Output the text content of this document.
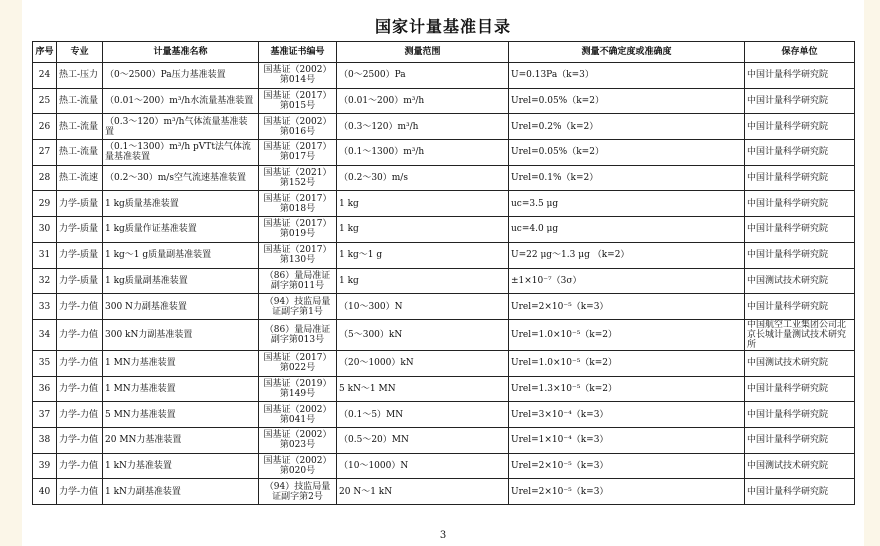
国家计量基准目录
序号	专业	计量基准名称	基准证书编号	测量范围	测量不确定度或准确度	保存单位
24	热工-压力	（0～2500）Pa压力基准装置	国基证（2002）第014号	（0～2500）Pa	U=0.13Pa（k=3）	中国计量科学研究院
25	热工-流量	（0.01～200）m³/h水流量基准装置	国基证（2017）第015号	（0.01～200）m³/h	Urel=0.05%（k=2）	中国计量科学研究院
26	热工-流量	（0.3～120）m³/h气体流量基准装置	国基证（2002）第016号	（0.3～120）m³/h	Urel=0.2%（k=2）	中国计量科学研究院
27	热工-流量	（0.1～1300）m³/h pVTt法气体流量基准装置	国基证（2017）第017号	（0.1～1300）m³/h	Urel=0.05%（k=2）	中国计量科学研究院
28	热工-流速	（0.2～30）m/s空气流速基准装置	国基证（2021）第152号	（0.2～30）m/s	Urel=0.1%（k=2）	中国计量科学研究院
29	力学-质量	1 kg质量基准装置	国基证（2017）第018号	1 kg	uc=3.5 μg	中国计量科学研究院
30	力学-质量	1 kg质量作证基准装置	国基证（2017）第019号	1 kg	uc=4.0 μg	中国计量科学研究院
31	力学-质量	1 kg～1 g质量副基准装置	国基证（2017）第130号	1 kg～1 g	U=22 μg～1.3 μg （k=2）	中国计量科学研究院
32	力学-质量	1 kg质量副基准装置	（86）量局准证副字第011号	1 kg	±1×10⁻⁷（3σ）	中国测试技术研究院
33	力学-力值	300 N力副基准装置	（94）技监局量证副字第1号	（10～300）N	Urel=2×10⁻⁵（k=3）	中国计量科学研究院
34	力学-力值	300 kN力副基准装置	（86）量局准证副字第013号	（5～300）kN	Urel=1.0×10⁻⁵（k=2）	中国航空工业集团公司北京长城计量测试技术研究所
35	力学-力值	1 MN力基准装置	国基证（2017）第022号	（20～1000）kN	Urel=1.0×10⁻⁵（k=2）	中国测试技术研究院
36	力学-力值	1 MN力基准装置	国基证（2019）第149号	5 kN～1 MN	Urel=1.3×10⁻⁵（k=2）	中国计量科学研究院
37	力学-力值	5 MN力基准装置	国基证（2002）第041号	（0.1～5）MN	Urel=3×10⁻⁴（k=3）	中国计量科学研究院
38	力学-力值	20 MN力基准装置	国基证（2002）第023号	（0.5～20）MN	Urel=1×10⁻⁴（k=3）	中国计量科学研究院
39	力学-力值	1 kN力基准装置	国基证（2002）第020号	（10～1000）N	Urel=2×10⁻⁵（k=3）	中国测试技术研究院
40	力学-力值	1 kN力副基准装置	（94）技监局量证副字第2号	20 N～1 kN	Urel=2×10⁻⁵（k=3）	中国计量科学研究院
3
